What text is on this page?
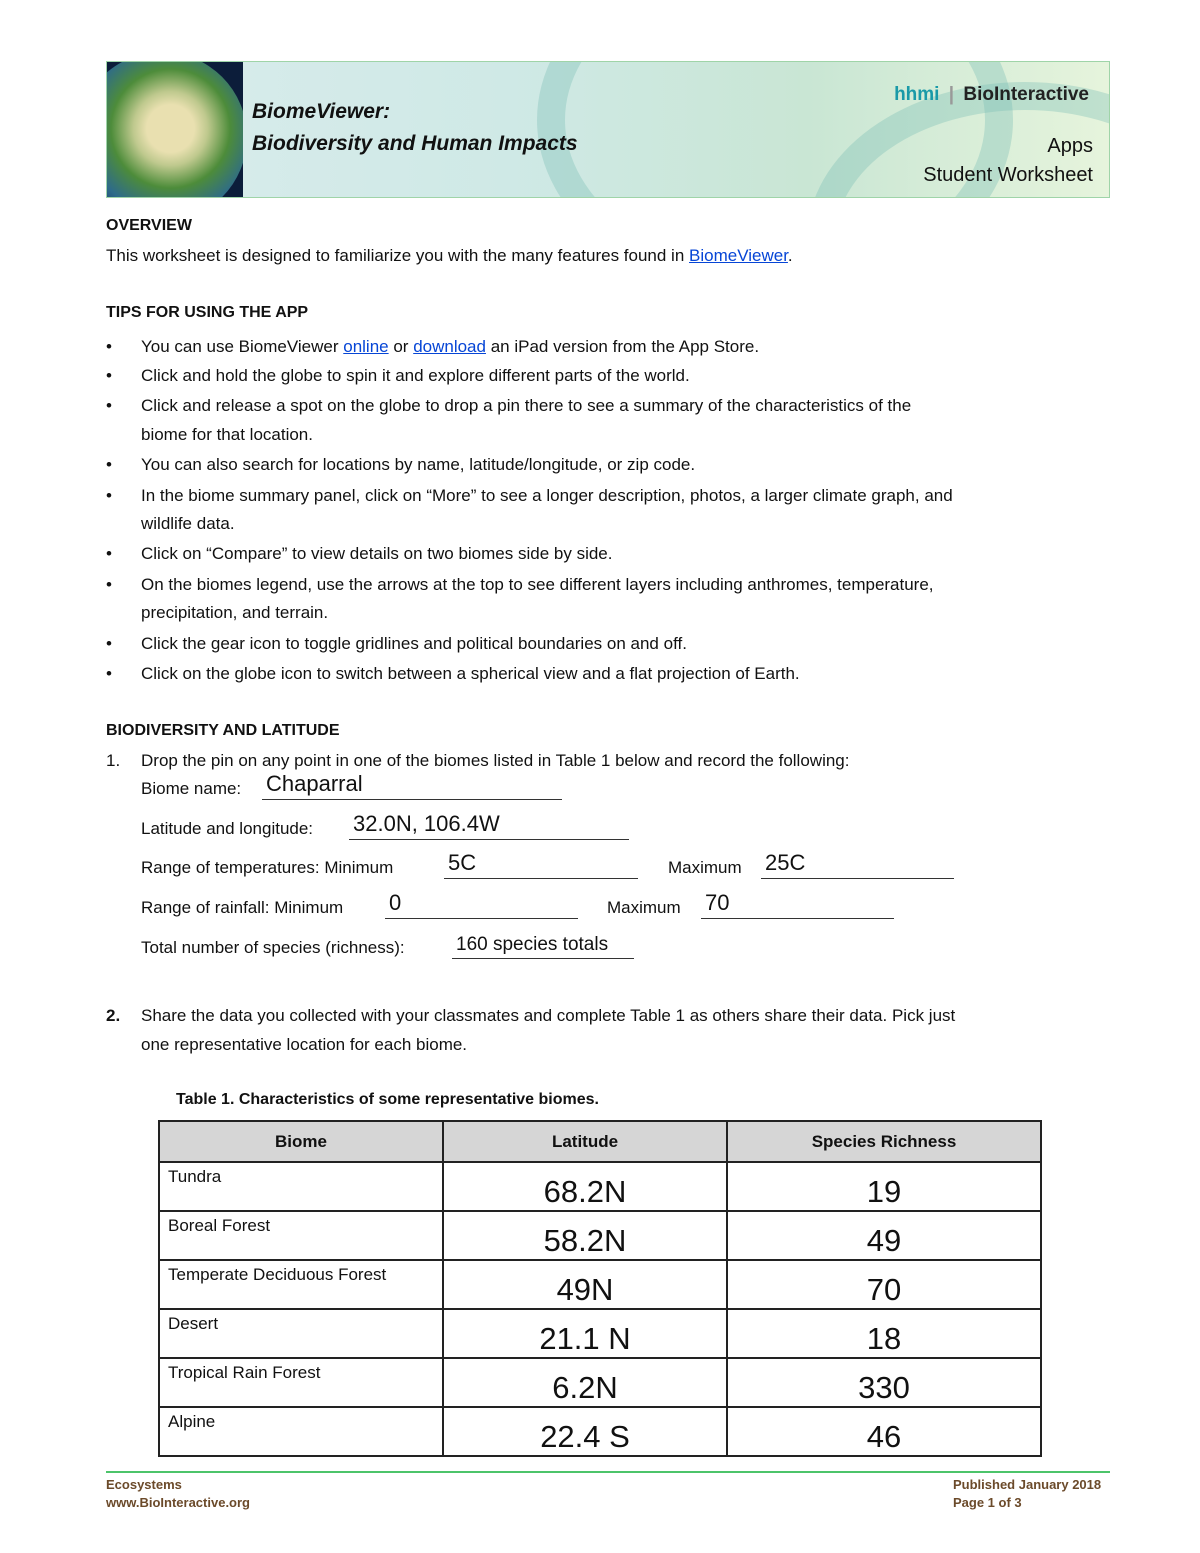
BiomeViewer:
Biodiversity and Human Impacts
hhmi | BioInteractive
Apps
Student Worksheet
OVERVIEW
This worksheet is designed to familiarize you with the many features found in BiomeViewer.
TIPS FOR USING THE APP
• You can use BiomeViewer online or download an iPad version from the App Store.
• Click and hold the globe to spin it and explore different parts of the world.
• Click and release a spot on the globe to drop a pin there to see a summary of the characteristics of the
biome for that location.
• You can also search for locations by name, latitude/longitude, or zip code.
• In the biome summary panel, click on “More” to see a longer description, photos, a larger climate graph, and
wildlife data.
• Click on “Compare” to view details on two biomes side by side.
• On the biomes legend, use the arrows at the top to see different layers including anthromes, temperature,
precipitation, and terrain.
• Click the gear icon to toggle gridlines and political boundaries on and off.
• Click on the globe icon to switch between a spherical view and a flat projection of Earth.
BIODIVERSITY AND LATITUDE
1. Drop the pin on any point in one of the biomes listed in Table 1 below and record the following:
Biome name: Chaparral
Latitude and longitude: 32.0N, 106.4W
Range of temperatures: Minimum 5C	Maximum 25C
Range of rainfall: Minimum 0	Maximum 70
Total number of species (richness):	160 species totals
2. Share the data you collected with your classmates and complete Table 1 as others share their data. Pick just
one representative location for each biome.
Table 1. Characteristics of some representative biomes.
Biome	Latitude	Species Richness
Tundra	68.2N	19
Boreal Forest	58.2N	49
Temperate Deciduous Forest	49N	70
Desert	21.1 N	18
Tropical Rain Forest	6.2N	330
Alpine	22.4 S	46
Ecosystems
www.BioInteractive.org
Published January 2018
Page 1 of 3
